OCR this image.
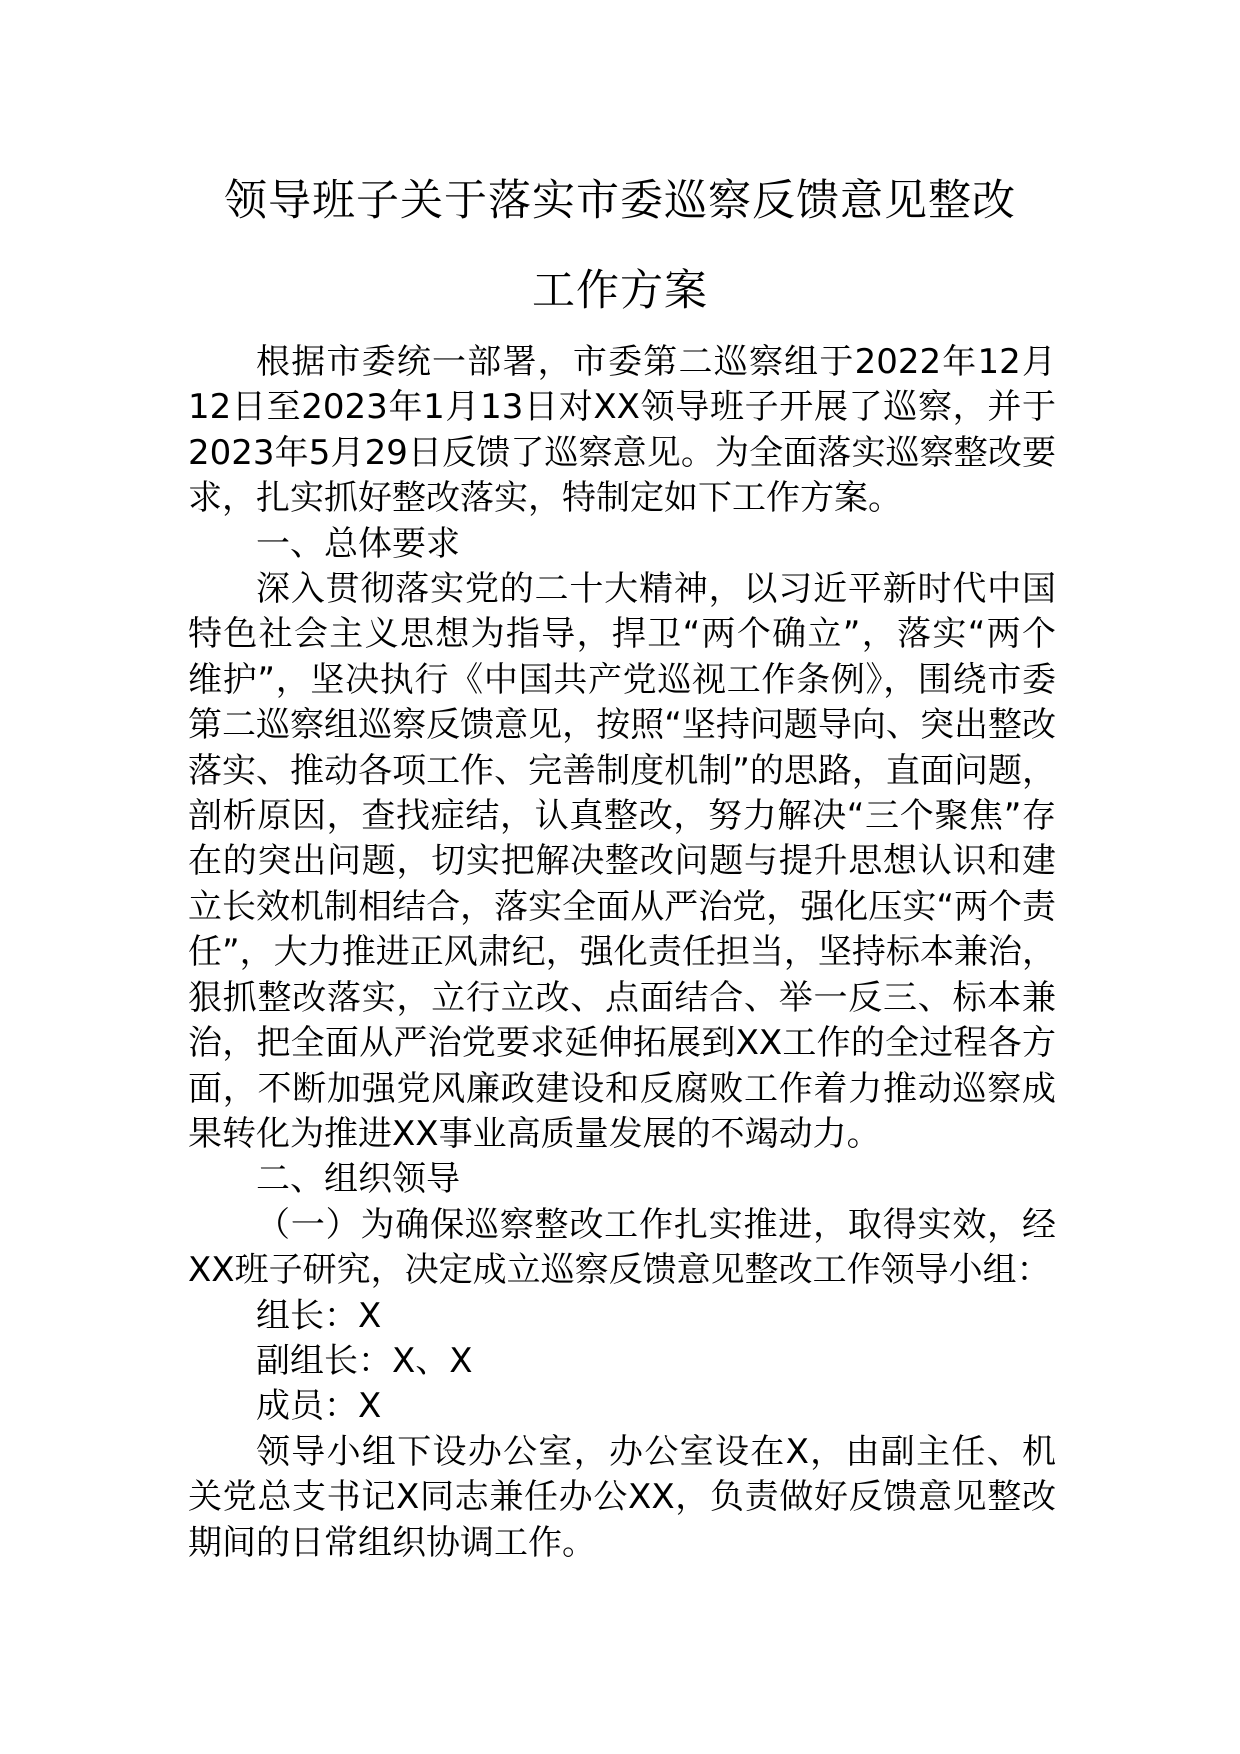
领导班子关于落实市委巡察反馈意见整改
工作方案

根据市委统一部署，市委第二巡察组于2022年12月12日至2023年1月13日对XX领导班子开展了巡察，并于2023年5月29日反馈了巡察意见。为全面落实巡察整改要求，扎实抓好整改落实，特制定如下工作方案。

一、总体要求

深入贯彻落实党的二十大精神，以习近平新时代中国特色社会主义思想为指导，捍卫“两个确立”，落实“两个维护”，坚决执行《中国共产党巡视工作条例》，围绕市委第二巡察组巡察反馈意见，按照“坚持问题导向、突出整改落实、推动各项工作、完善制度机制”的思路，直面问题，剖析原因，查找症结，认真整改，努力解决“三个聚焦”存在的突出问题，切实把解决整改问题与提升思想认识和建立长效机制相结合，落实全面从严治党，强化压实“两个责任”，大力推进正风肃纪，强化责任担当，坚持标本兼治，狠抓整改落实，立行立改、点面结合、举一反三、标本兼治，把全面从严治党要求延伸拓展到XX工作的全过程各方面，不断加强党风廉政建设和反腐败工作着力推动巡察成果转化为推进XX事业高质量发展的不竭动力。

二、组织领导

（一）为确保巡察整改工作扎实推进，取得实效，经XX班子研究，决定成立巡察反馈意见整改工作领导小组：

组长：X

副组长：X、X

成员：X

领导小组下设办公室，办公室设在X，由副主任、机关党总支书记X同志兼任办公XX，负责做好反馈意见整改期间的日常组织协调工作。
